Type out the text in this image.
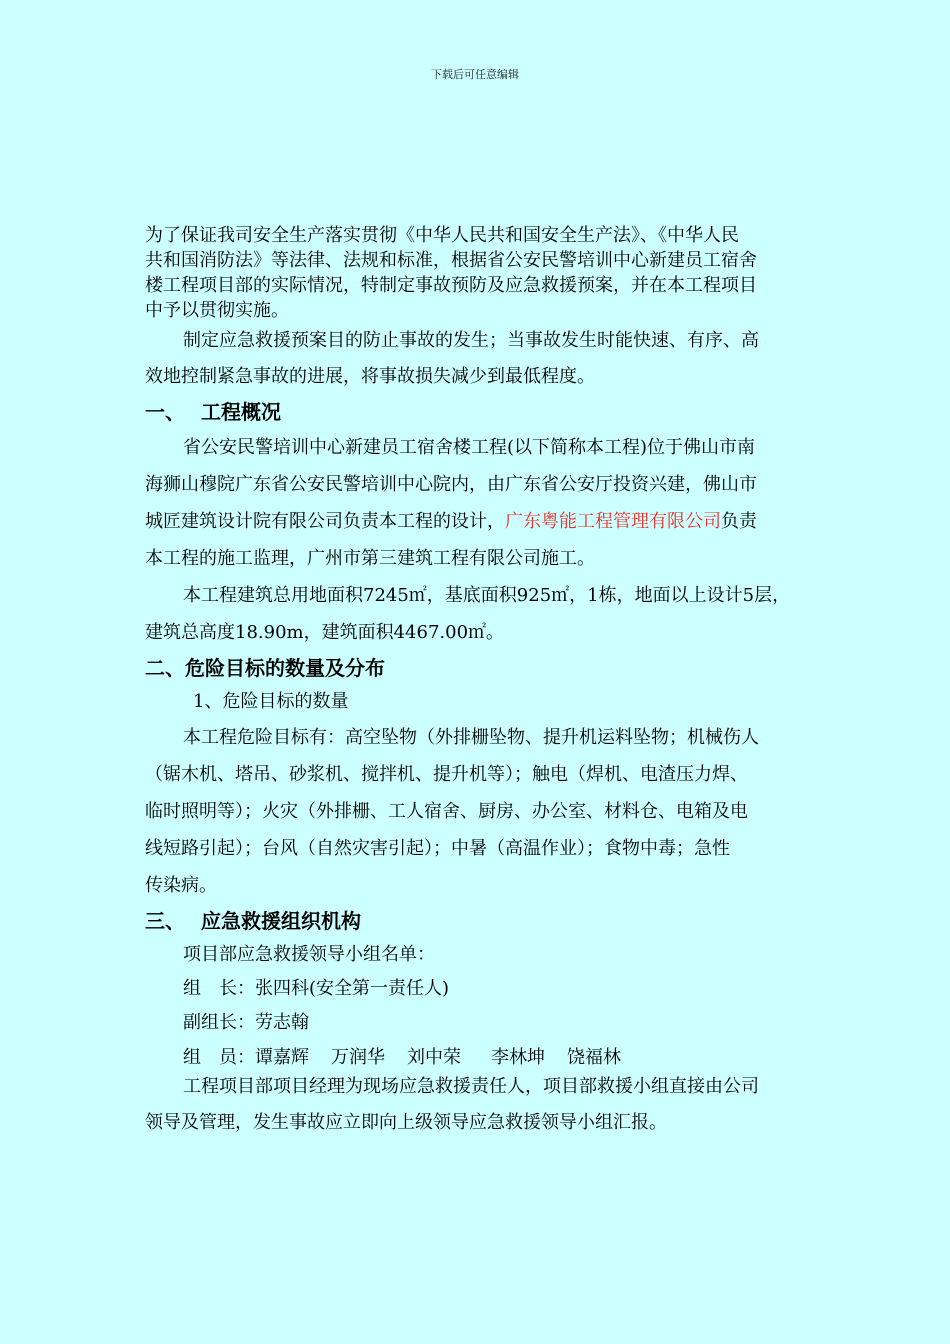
下载后可任意编辑

为了保证我司安全生产落实贯彻《中华人民共和国安全生产法》、《中华人民

共和国消防法》等法律、法规和标准，根据省公安民警培训中心新建员工宿舍

楼工程项目部的实际情况，特制定事故预防及应急救援预案，并在本工程项目

中予以贯彻实施。

制定应急救援预案目的防止事故的发生；当事故发生时能快速、有序、高

效地控制紧急事故的进展，将事故损失减少到最低程度。

一、 工程概况

省公安民警培训中心新建员工宿舍楼工程(以下简称本工程)位于佛山市南

海狮山穆院广东省公安民警培训中心院内，由广东省公安厅投资兴建，佛山市

城匠建筑设计院有限公司负责本工程的设计，广东粤能工程管理有限公司负责

本工程的施工监理，广州市第三建筑工程有限公司施工。

本工程建筑总用地面积7245㎡，基底面积925㎡，1栋，地面以上设计5层，

建筑总高度18.90m，建筑面积4467.00㎡。

二、危险目标的数量及分布

1、危险目标的数量

本工程危险目标有：高空坠物（外排栅坠物、提升机运料坠物；机械伤人

（锯木机、塔吊、砂浆机、搅拌机、提升机等）；触电（焊机、电渣压力焊、

临时照明等）；火灾（外排栅、工人宿舍、厨房、办公室、材料仓、电箱及电

线短路引起）；台风（自然灾害引起）；中暑（高温作业）；食物中毒；急性

传染病。

三、 应急救援组织机构

项目部应急救援领导小组名单：

组　长：张四科(安全第一责任人)

副组长：劳志翰

组　员：谭嘉辉 万润华 刘中荣 李林坤 饶福林

工程项目部项目经理为现场应急救援责任人，项目部救援小组直接由公司

领导及管理，发生事故应立即向上级领导应急救援领导小组汇报。
